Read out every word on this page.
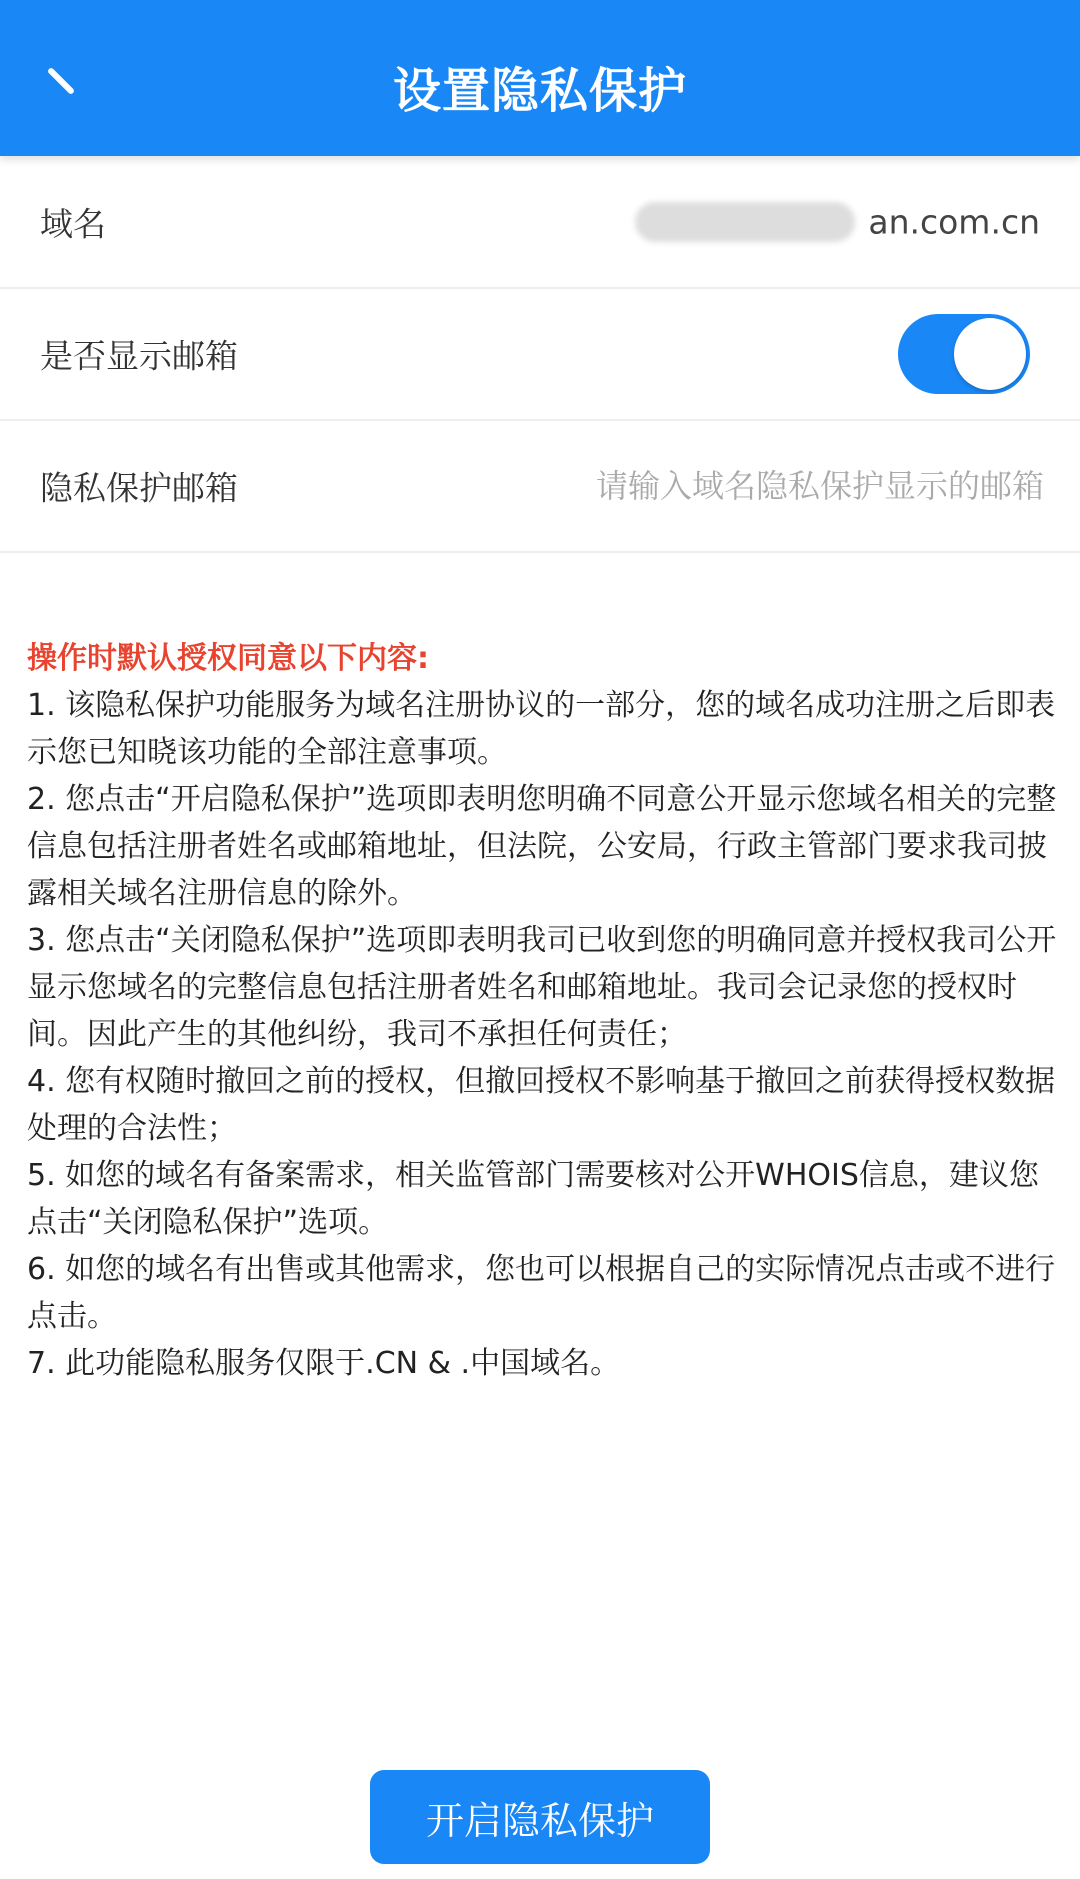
设置隐私保护
域名	an.com.cn
是否显示邮箱
隐私保护邮箱
请输入域名隐私保护显示的邮箱

操作时默认授权同意以下内容:

1. 该隐私保护功能服务为域名注册协议的一部分，您的域名成功注册之后即表示您已知晓该功能的全部注意事项。

2. 您点击“开启隐私保护”选项即表明您明确不同意公开显示您域名相关的完整信息包括注册者姓名或邮箱地址，但法院，公安局，行政主管部门要求我司披露相关域名注册信息的除外。

3. 您点击“关闭隐私保护”选项即表明我司已收到您的明确同意并授权我司公开显示您域名的完整信息包括注册者姓名和邮箱地址。我司会记录您的授权时间。因此产生的其他纠纷，我司不承担任何责任；

4. 您有权随时撤回之前的授权，但撤回授权不影响基于撤回之前获得授权数据处理的合法性；

5. 如您的域名有备案需求，相关监管部门需要核对公开WHOIS信息，建议您点击“关闭隐私保护”选项。

6. 如您的域名有出售或其他需求，您也可以根据自己的实际情况点击或不进行点击。

7. 此功能隐私服务仅限于.CN & .中国域名。

开启隐私保护
